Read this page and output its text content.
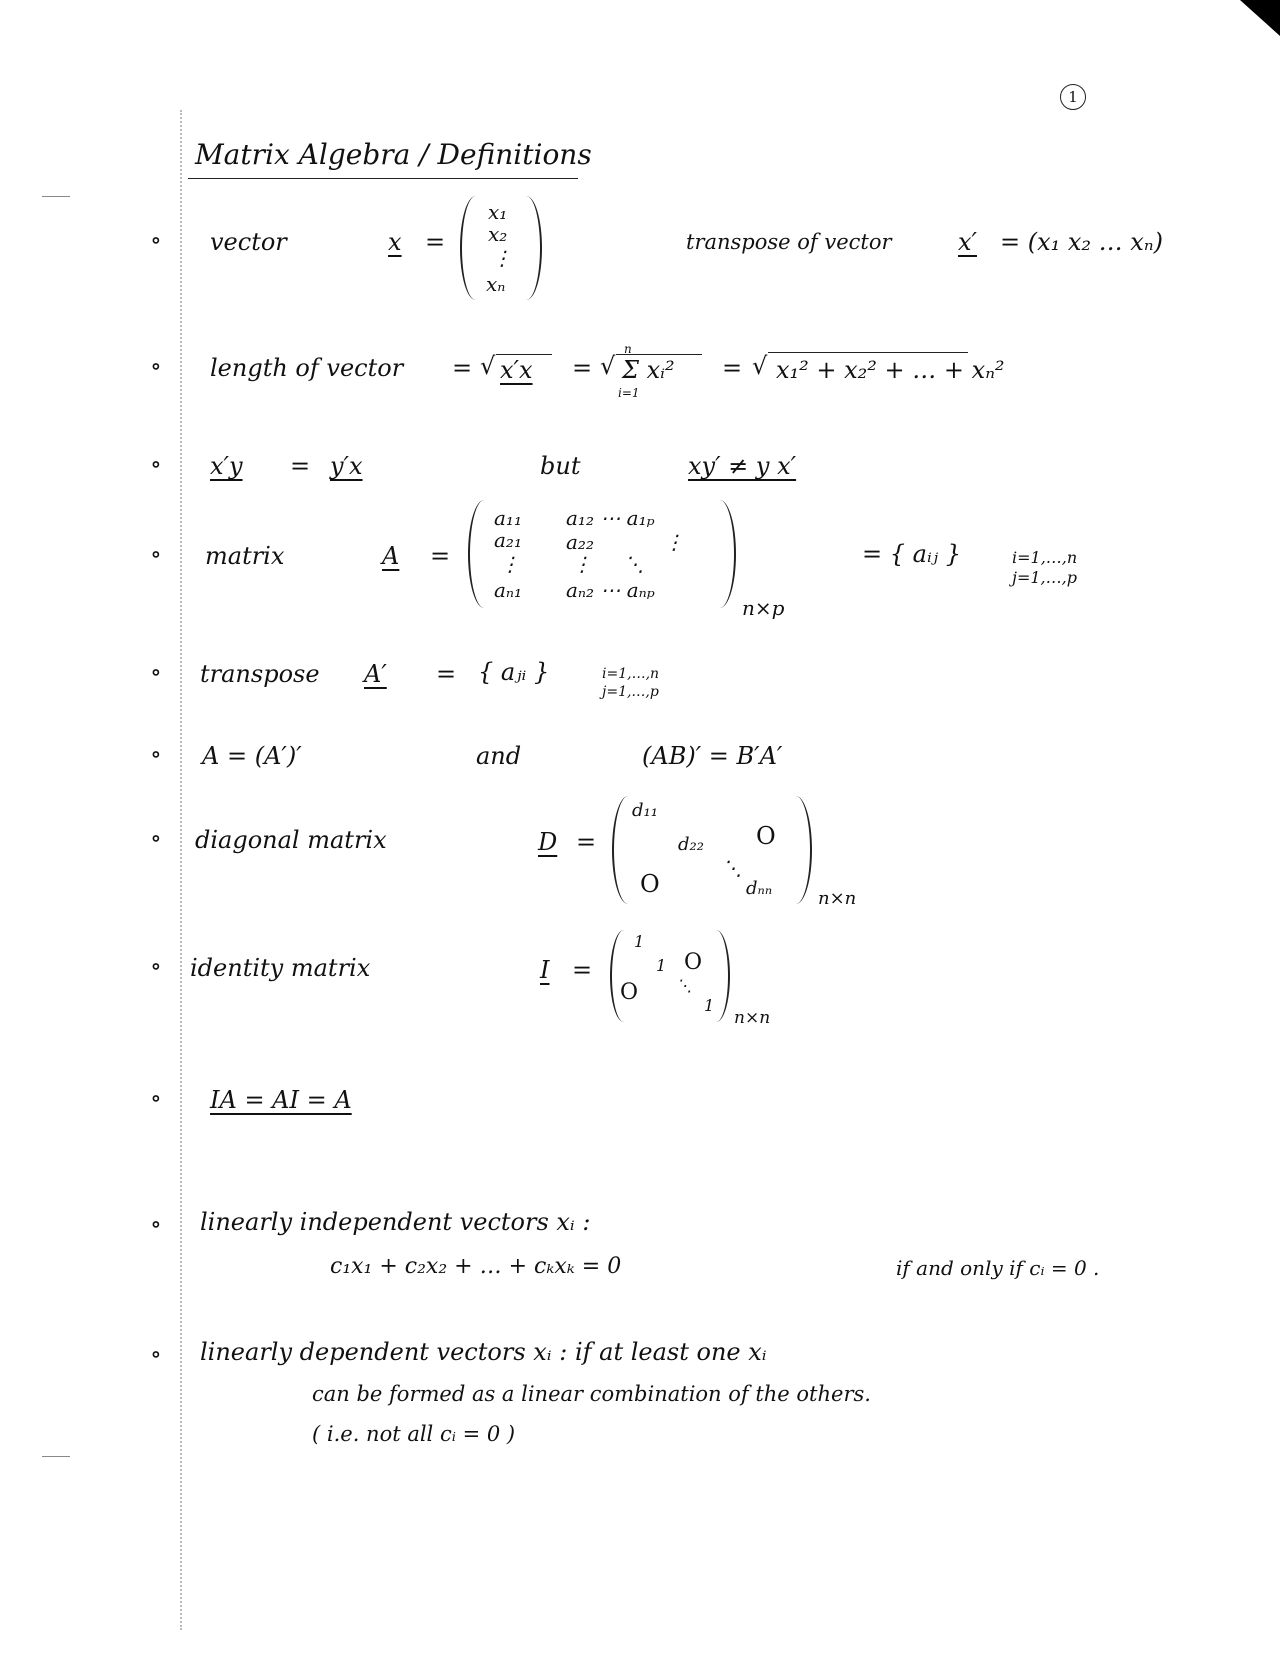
1
Matrix Algebra / Definitions
∘ vector	x =
x₁
x₂
⋮
xₙ
transpose of vector	x′ = (x₁ x₂ … xₙ)
∘ length of vector = √ x′x = √ Σ xᵢ²
n
i=1
= √ x₁² + x₂² + … + xₙ²
∘ x′y = y′x	but	xy′ ≠ y x′
∘ matrix	A =
a₁₁ a₁₂ ⋯ a₁ₚ
a₂₁ a₂₂	⋮
⋮	⋮ ⋱
aₙ₁ aₙ₂ ⋯ aₙₚ
n×p
= { aᵢⱼ }	i=1,…,n
j=1,…,p
∘ transpose A′ = { aⱼᵢ }	i=1,…,n
j=1,…,p
∘ A = (A′)′	and	(AB)′ = B′A′
∘ diagonal matrix	D =
d₁₁
d₂₂ O
O
⋱
dₙₙ	n×n
∘ identity matrix	I =
1
1 O
O ⋱
1
n×n
∘ IA = AI = A
∘ linearly independent vectors xᵢ :
c₁x₁ + c₂x₂ + … + cₖxₖ = 0	if and only if cᵢ = 0 .
∘ linearly dependent vectors xᵢ : if at least one xᵢ
can be formed as a linear combination of the others.
( i.e. not all cᵢ = 0 )
